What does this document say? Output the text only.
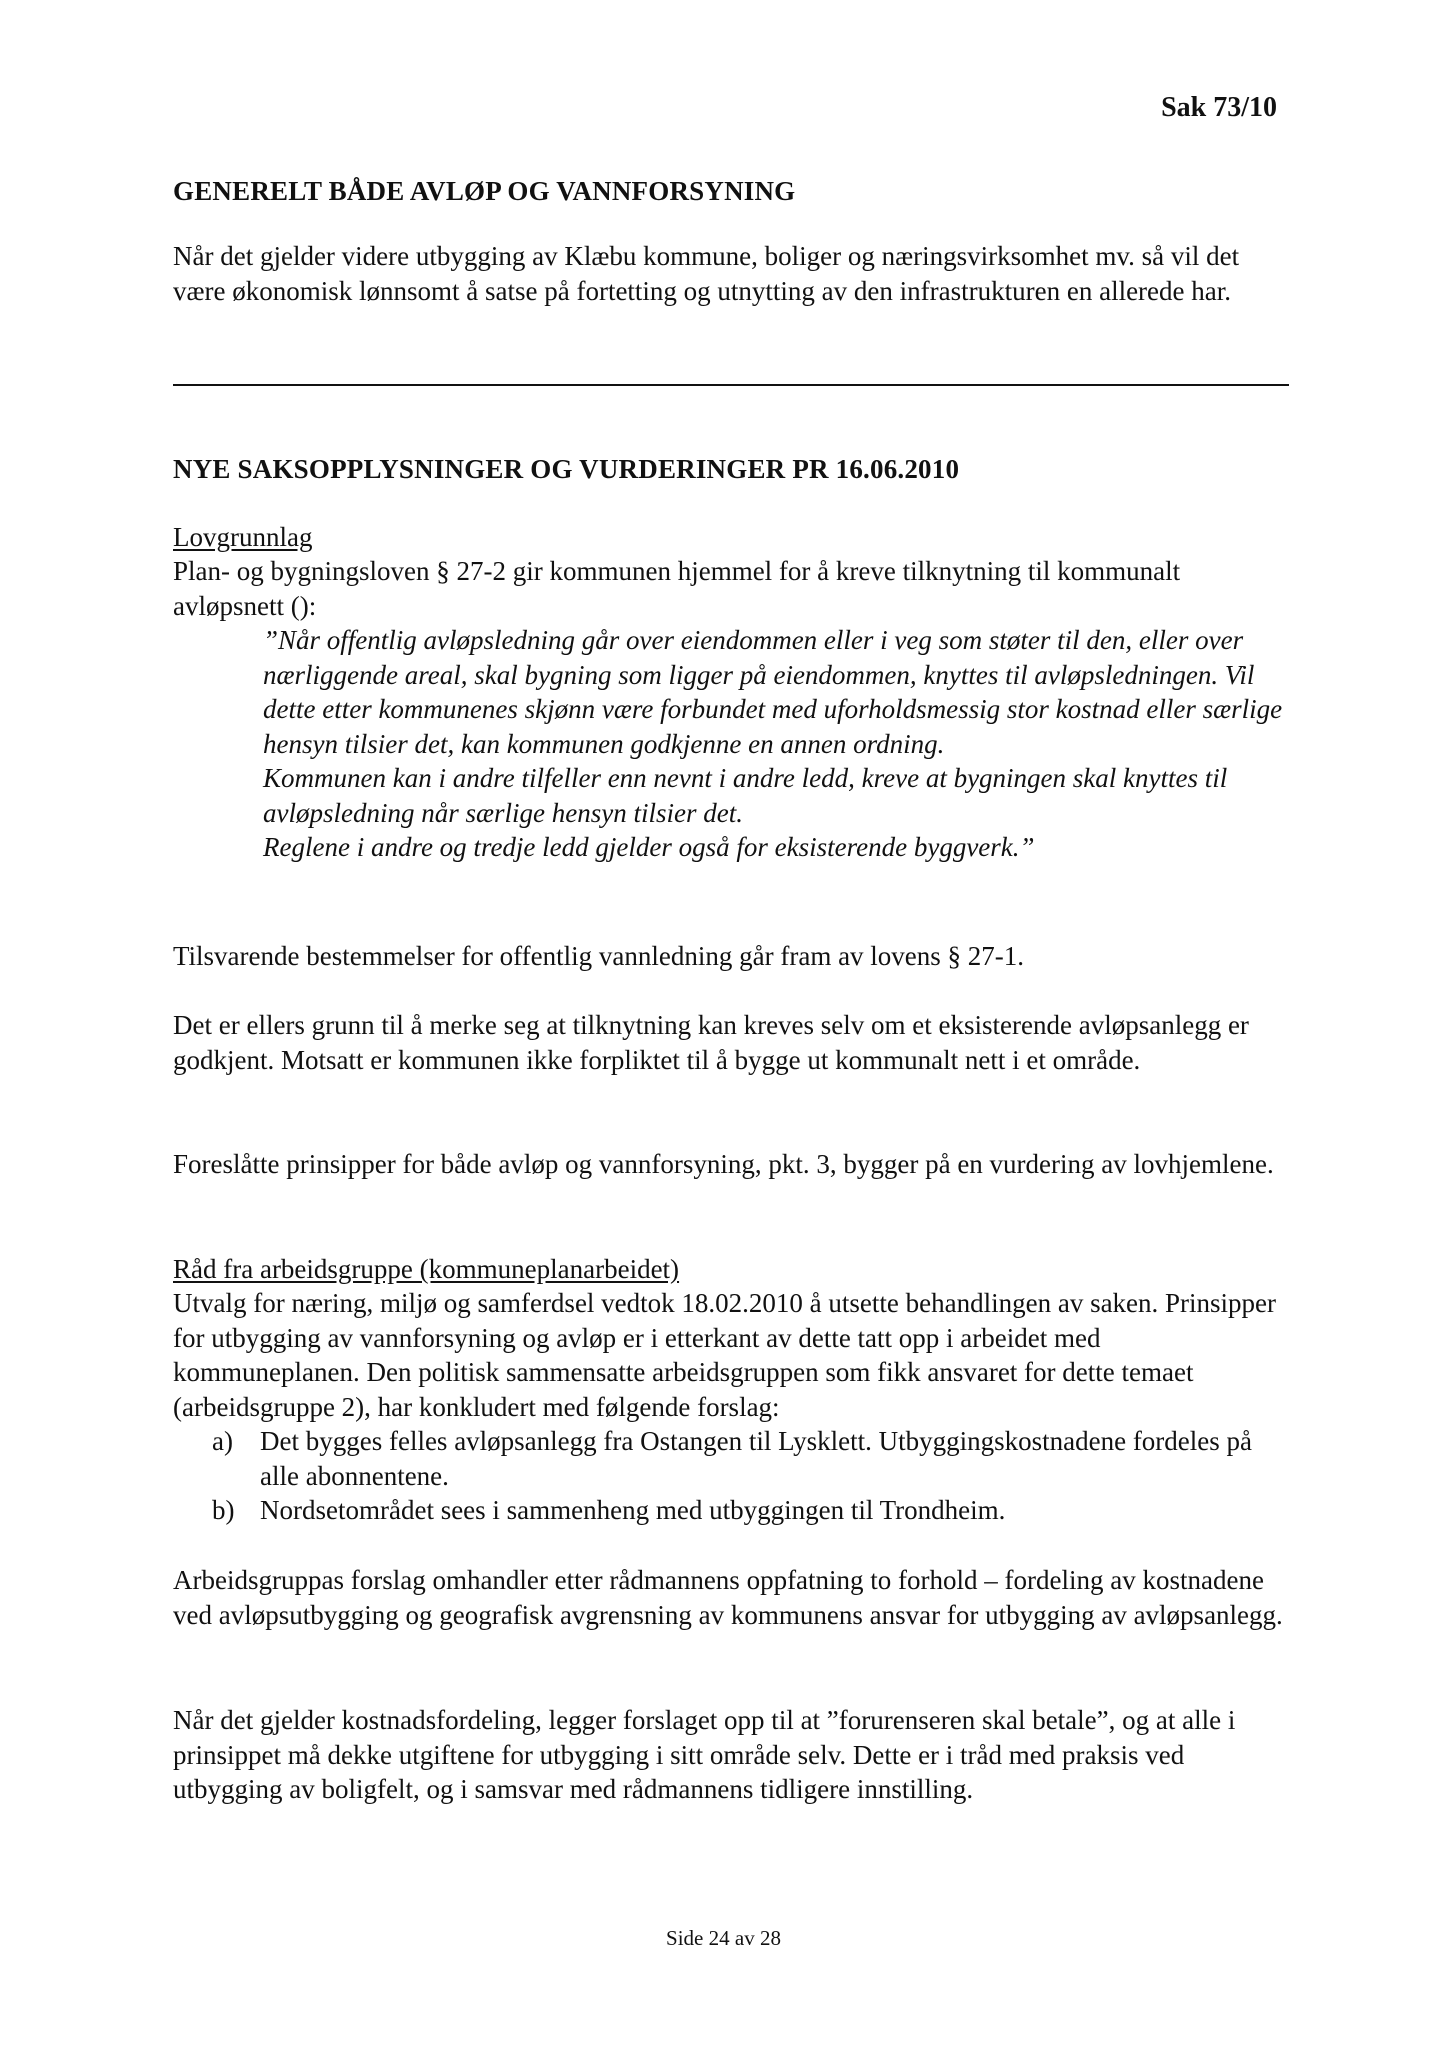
Sak 73/10
GENERELT BÅDE AVLØP OG VANNFORSYNING

Når det gjelder videre utbygging av Klæbu kommune, boliger og næringsvirksomhet mv. så vil det være økonomisk lønnsomt å satse på fortetting og utnytting av den infrastrukturen en allerede har.

NYE SAKSOPPLYSNINGER OG VURDERINGER PR 16.06.2010
Lovgrunnlag

Plan- og bygningsloven § 27-2 gir kommunen hjemmel for å kreve tilknytning til kommunalt avløpsnett ():

”Når offentlig avløpsledning går over eiendommen eller i veg som støter til den, eller over nærliggende areal, skal bygning som ligger på eiendommen, knyttes til avløpsledningen. Vil dette etter kommunenes skjønn være forbundet med uforholdsmessig stor kostnad eller særlige hensyn tilsier det, kan kommunen godkjenne en annen ordning.
Kommunen kan i andre tilfeller enn nevnt i andre ledd, kreve at bygningen skal knyttes til avløpsledning når særlige hensyn tilsier det.
Reglene i andre og tredje ledd gjelder også for eksisterende byggverk.”

Tilsvarende bestemmelser for offentlig vannledning går fram av lovens § 27-1.

Det er ellers grunn til å merke seg at tilknytning kan kreves selv om et eksisterende avløpsanlegg er godkjent. Motsatt er kommunen ikke forpliktet til å bygge ut kommunalt nett i et område.

Foreslåtte prinsipper for både avløp og vannforsyning, pkt. 3, bygger på en vurdering av lovhjemlene.

Råd fra arbeidsgruppe (kommuneplanarbeidet)

Utvalg for næring, miljø og samferdsel vedtok 18.02.2010 å utsette behandlingen av saken. Prinsipper for utbygging av vannforsyning og avløp er i etterkant av dette tatt opp i arbeidet med kommuneplanen. Den politisk sammensatte arbeidsgruppen som fikk ansvaret for dette temaet (arbeidsgruppe 2), har konkludert med følgende forslag:

a)	Det bygges felles avløpsanlegg fra Ostangen til Lysklett. Utbyggingskostnadene fordeles på alle abonnentene.
b) Nordsetområdet sees i sammenheng med utbyggingen til Trondheim.

Arbeidsgruppas forslag omhandler etter rådmannens oppfatning to forhold – fordeling av kostnadene ved avløpsutbygging og geografisk avgrensning av kommunens ansvar for utbygging av avløpsanlegg.

Når det gjelder kostnadsfordeling, legger forslaget opp til at ”forurenseren skal betale”, og at alle i prinsippet må dekke utgiftene for utbygging i sitt område selv. Dette er i tråd med praksis ved utbygging av boligfelt, og i samsvar med rådmannens tidligere innstilling.

Side 24 av 28
